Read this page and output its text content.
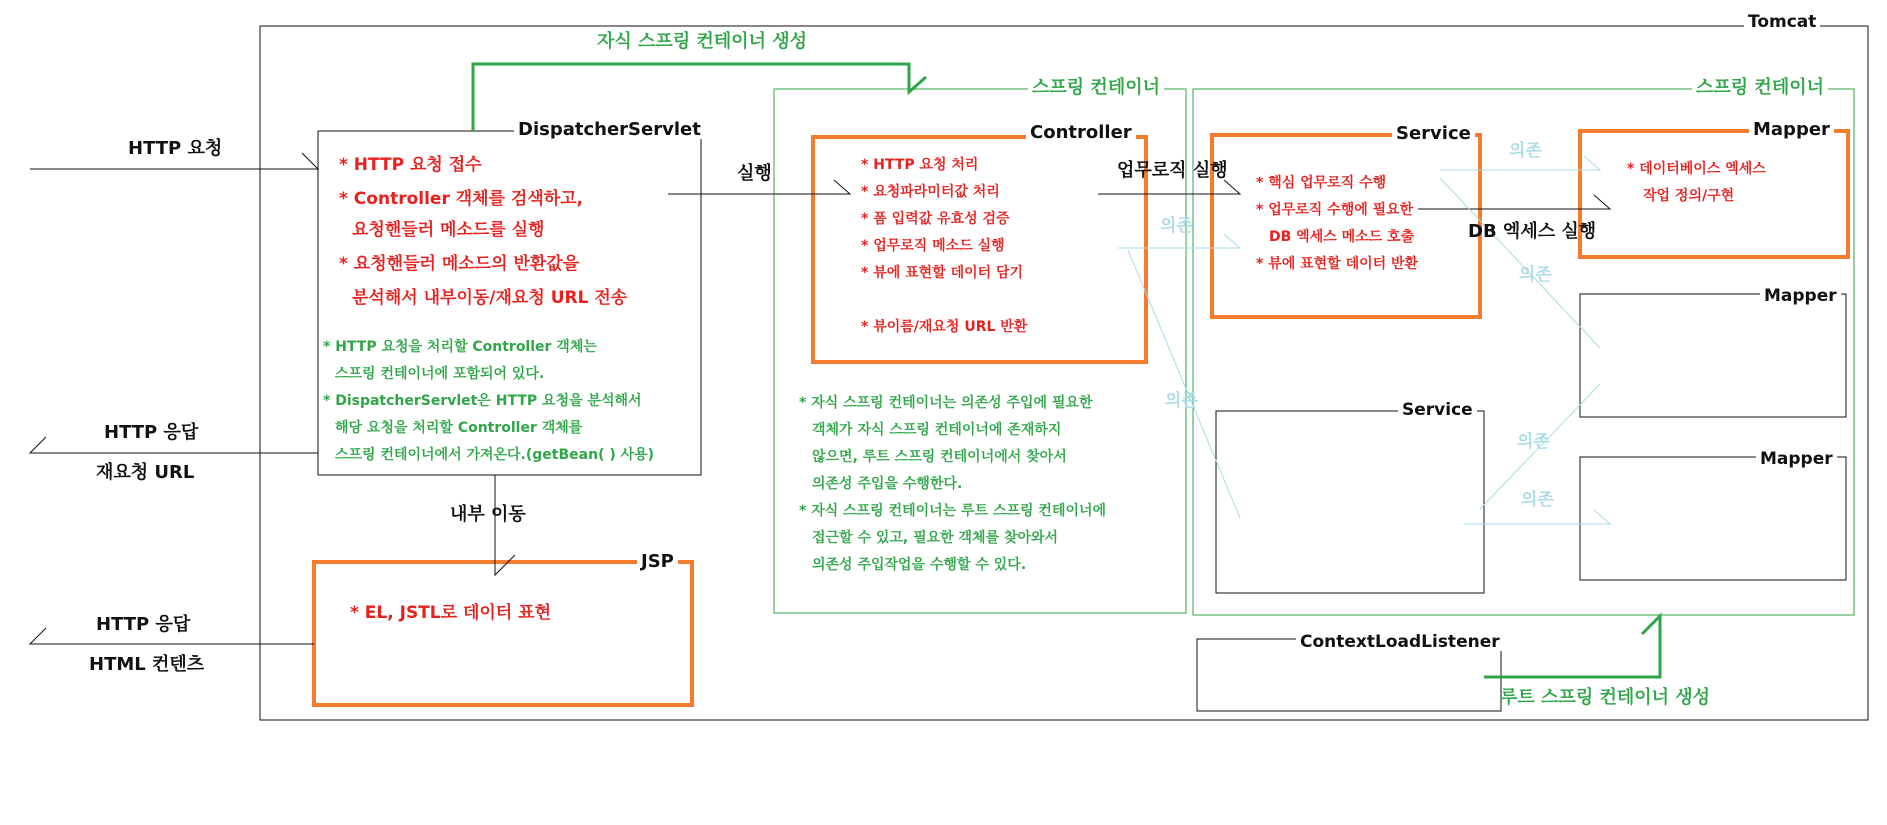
Tomcat
HTTP 요청
HTTP 응답
재요청 URL
HTTP 응답
HTML 컨텐츠
DispatcherServlet
* HTTP 요청 접수
* Controller 객체를 검색하고,
요청핸들러 메소드를 실행
* 요청핸들러 메소드의 반환값을
분석해서 내부이동/재요청 URL 전송
* HTTP 요청을 처리할 Controller 객체는
스프링 컨테이너에 포함되어 있다.
* DispatcherServlet은 HTTP 요청을 분석해서
해당 요청을 처리할 Controller 객체를
스프링 컨테이너에서 가져온다.(getBean( ) 사용)
자식 스프링 컨테이너 생성
실행
내부 이동
JSP
* EL, JSTL로 데이터 표현
스프링 컨테이너
* 자식 스프링 컨테이너는 의존성 주입에 필요한
객체가 자식 스프링 컨테이너에 존재하지
않으면, 루트 스프링 컨테이너에서 찾아서
의존성 주입을 수행한다.
* 자식 스프링 컨테이너는 루트 스프링 컨테이너에
접근할 수 있고, 필요한 객체를 찾아와서
의존성 주입작업을 수행할 수 있다.
Controller
* HTTP 요청 처리
* 요청파라미터값 처리
* 폼 입력값 유효성 검증
* 업무로직 메소드 실행
* 뷰에 표현할 데이터 담기
* 뷰이름/재요청 URL 반환
업무로직 실행
DB 엑세스 실행
스프링 컨테이너
Service
* 핵심 업무로직 수행
* 업무로직 수행에 필요한
DB 엑세스 메소드 호출
* 뷰에 표현할 데이터 반환
Mapper
* 데이터베이스 엑세스
작업 정의/구현
Mapper
Mapper
Service
의존
의존
의존
의존
의존
의존
ContextLoadListener
루트 스프링 컨테이너 생성
